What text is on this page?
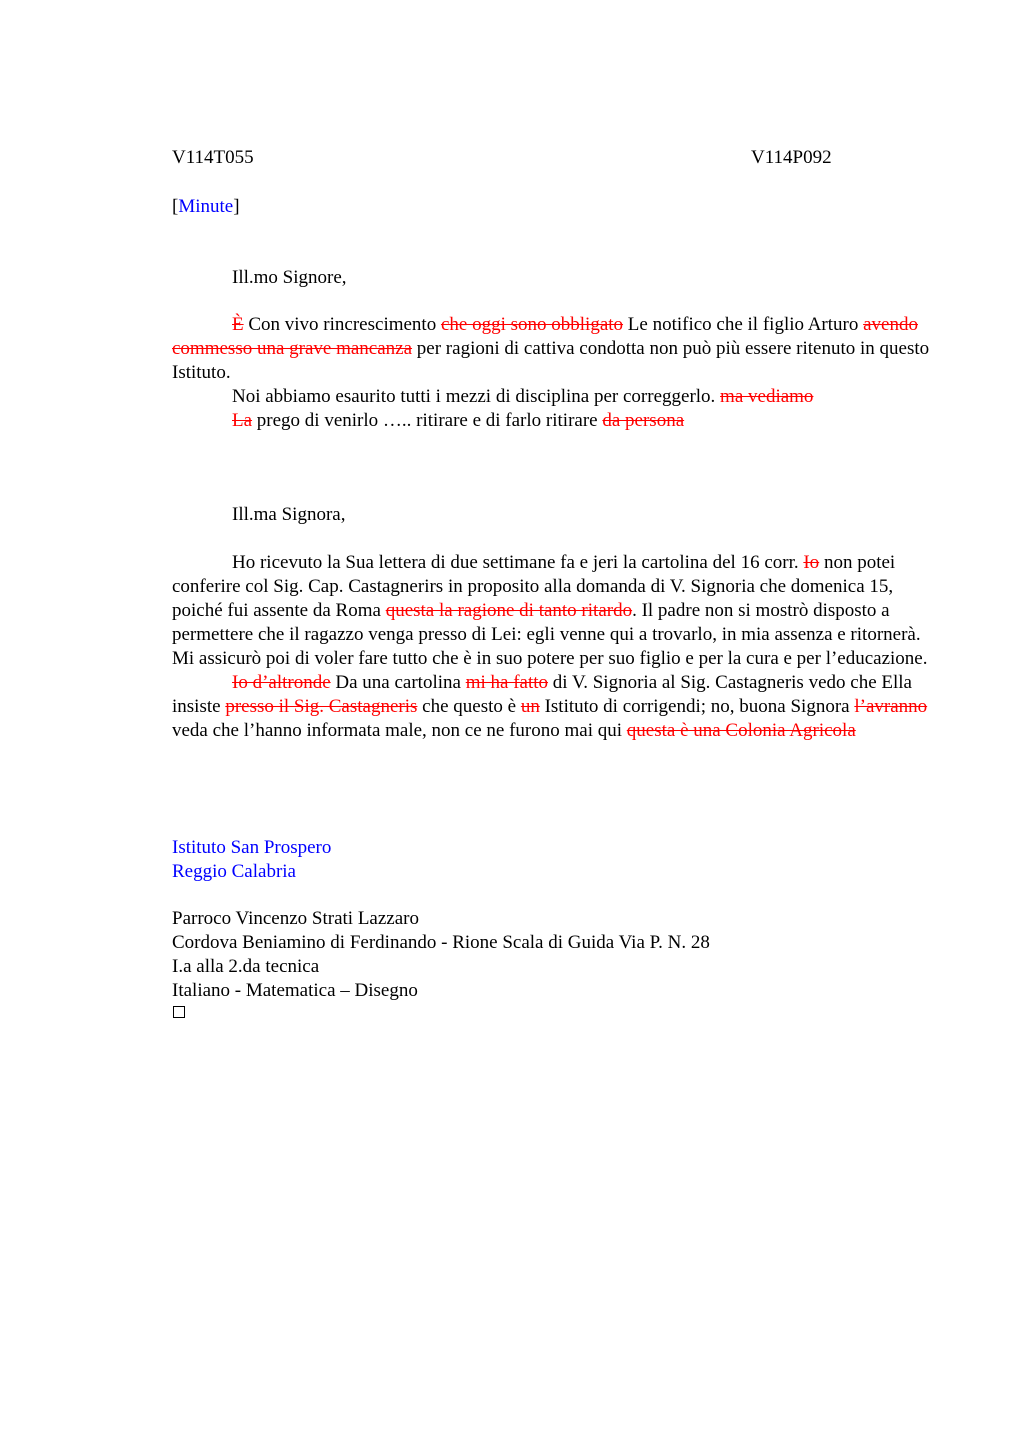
V114T055	V114P092

[Minute]

Ill.mo Signore,

È Con vivo rincrescimento che oggi sono obbligato Le notifico che il figlio Arturo avendo commesso una grave mancanza per ragioni di cattiva condotta non può più essere ritenuto in questo Istituto.

Noi abbiamo esaurito tutti i mezzi di disciplina per correggerlo. ma vediamo

La prego di venirlo ….. ritirare e di farlo ritirare da persona

Ill.ma Signora,

Ho ricevuto la Sua lettera di due settimane fa e jeri la cartolina del 16 corr. Io non potei conferire col Sig. Cap. Castagnerirs in proposito alla domanda di V. Signoria che domenica 15, poiché fui assente da Roma questa la ragione di tanto ritardo. Il padre non si mostrò disposto a permettere che il ragazzo venga presso di Lei: egli venne qui a trovarlo, in mia assenza e ritornerà. Mi assicurò poi di voler fare tutto che è in suo potere per suo figlio e per la cura e per l’educazione.

Io d’altronde Da una cartolina mi ha fatto di V. Signoria al Sig. Castagneris vedo che Ella insiste presso il Sig. Castagneris che questo è un Istituto di corrigendi; no, buona Signora l’avranno veda che l’hanno informata male, non ce ne furono mai qui questa è una Colonia Agricola

Istituto San Prospero

Reggio Calabria

Parroco Vincenzo Strati Lazzaro

Cordova Beniamino di Ferdinando - Rione Scala di Guida Via P. N. 28

I.a alla 2.da tecnica

Italiano - Matematica – Disegno
